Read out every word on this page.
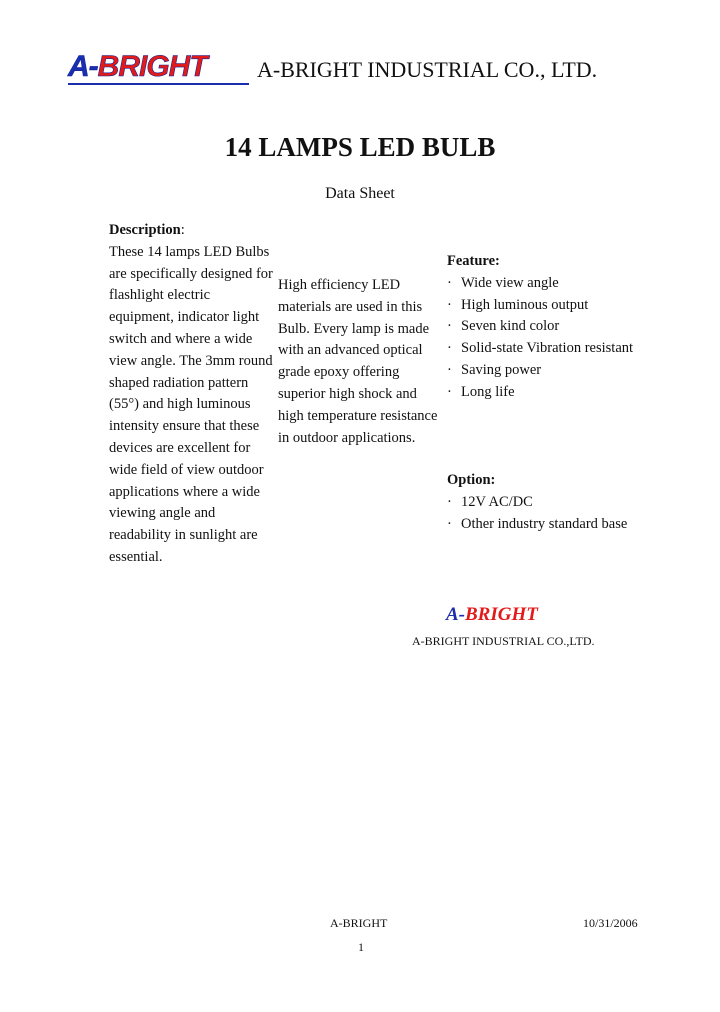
A-BRIGHT A-BRIGHT INDUSTRIAL CO., LTD.
14 LAMPS LED BULB
Data Sheet
Description:
These 14 lamps LED Bulbs are specifically designed for flashlight electric equipment, indicator light switch and where a wide view angle. The 3mm round shaped radiation pattern (55°) and high luminous intensity ensure that these devices are excellent for wide field of view outdoor applications where a wide viewing angle and readability in sunlight are essential.
High efficiency LED materials are used in this Bulb. Every lamp is made with an advanced optical grade epoxy offering superior high shock and high temperature resistance in outdoor applications.
Feature:
· Wide view angle
· High luminous output
· Seven kind color
· Solid-state Vibration resistant
· Saving power
· Long life
Option:
· 12V AC/DC
· Other industry standard base
A-BRIGHT
A-BRIGHT INDUSTRIAL CO.,LTD.
A-BRIGHT	10/31/2006
1
